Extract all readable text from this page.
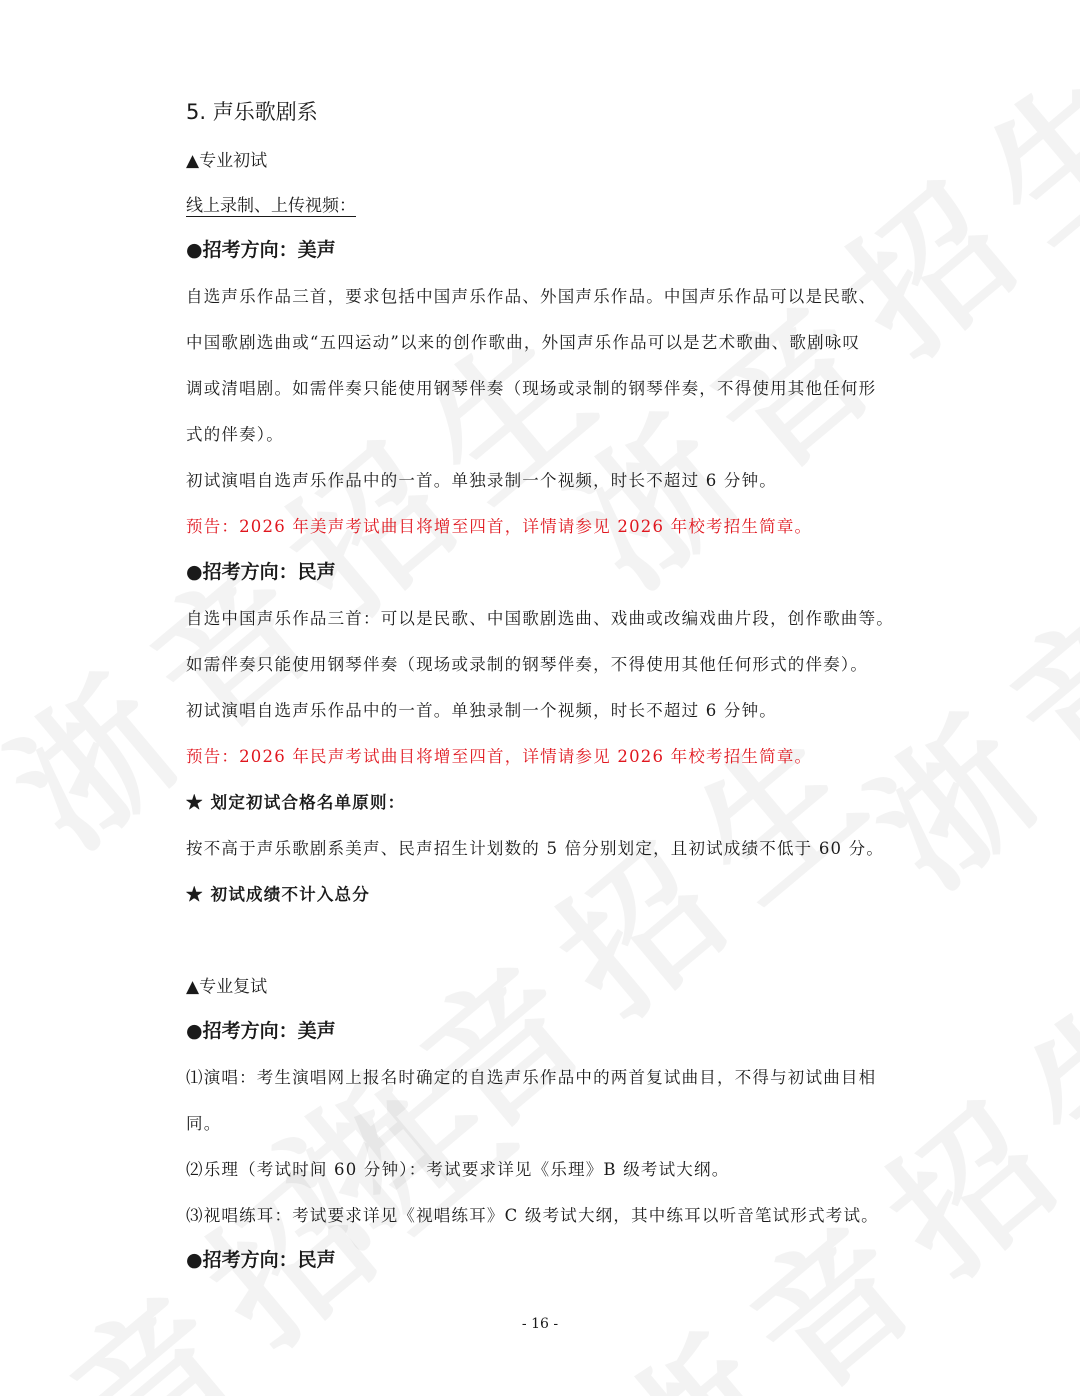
5. 声乐歌剧系
▲专业初试
线上录制、上传视频：
●招考方向：美声
自选声乐作品三首，要求包括中国声乐作品、外国声乐作品。中国声乐作品可以是民歌、
中国歌剧选曲或“五四运动”以来的创作歌曲，外国声乐作品可以是艺术歌曲、歌剧咏叹
调或清唱剧。如需伴奏只能使用钢琴伴奏（现场或录制的钢琴伴奏，不得使用其他任何形
式的伴奏）。
初试演唱自选声乐作品中的一首。单独录制一个视频，时长不超过 6 分钟。
预告：2026 年美声考试曲目将增至四首，详情请参见 2026 年校考招生简章。
●招考方向：民声
自选中国声乐作品三首：可以是民歌、中国歌剧选曲、戏曲或改编戏曲片段，创作歌曲等。
如需伴奏只能使用钢琴伴奏（现场或录制的钢琴伴奏，不得使用其他任何形式的伴奏）。
初试演唱自选声乐作品中的一首。单独录制一个视频，时长不超过 6 分钟。
预告：2026 年民声考试曲目将增至四首，详情请参见 2026 年校考招生简章。
★ 划定初试合格名单原则：
按不高于声乐歌剧系美声、民声招生计划数的 5 倍分别划定，且初试成绩不低于 60 分。
★ 初试成绩不计入总分
▲专业复试
●招考方向：美声
⑴演唱：考生演唱网上报名时确定的自选声乐作品中的两首复试曲目，不得与初试曲目相
同。
⑵乐理（考试时间 60 分钟）：考试要求详见《乐理》B 级考试大纲。
⑶视唱练耳：考试要求详见《视唱练耳》C 级考试大纲，其中练耳以听音笔试形式考试。
●招考方向：民声
- 16 -
